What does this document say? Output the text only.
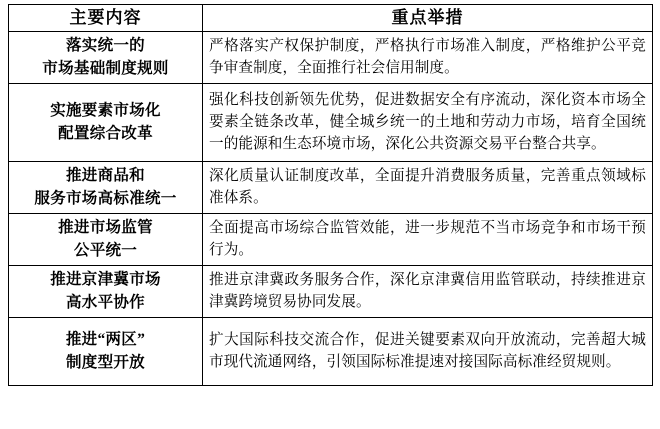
主要内容	重点举措

落实统一的
市场基础制度规则	严格落实产权保护制度，严格执行市场准入制度，严格维护公平竞争审查制度，全面推行社会信用制度。

实施要素市场化
配置综合改革	强化科技创新领先优势，促进数据安全有序流动，深化资本市场全要素全链条改革，健全城乡统一的土地和劳动力市场，培育全国统一的能源和生态环境市场，深化公共资源交易平台整合共享。

推进商品和
服务市场高标准统一	深化质量认证制度改革，全面提升消费服务质量，完善重点领域标准体系。

推进市场监管
公平统一	全面提高市场综合监管效能，进一步规范不当市场竞争和市场干预行为。

推进京津冀市场
高水平协作	推进京津冀政务服务合作，深化京津冀信用监管联动，持续推进京津冀跨境贸易协同发展。

推进“两区”
制度型开放	扩大国际科技交流合作，促进关键要素双向开放流动，完善超大城市现代流通网络，引领国际标准提速对接国际高标准经贸规则。
